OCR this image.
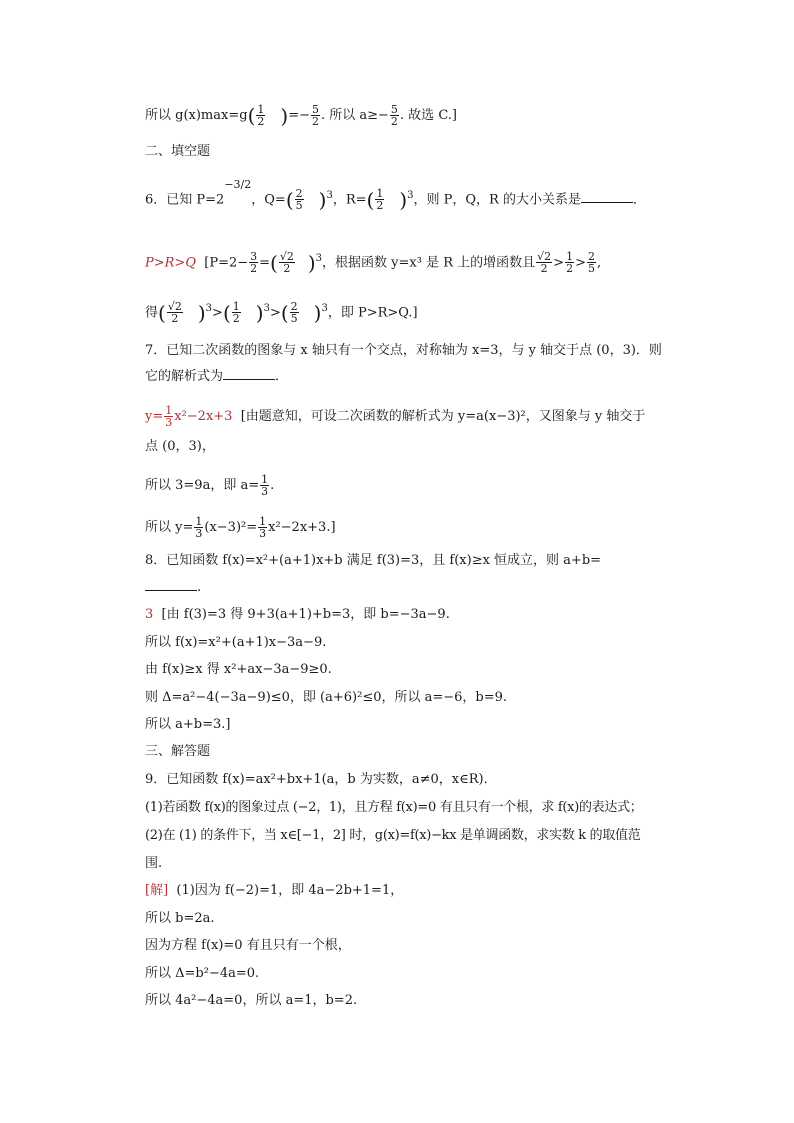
所以 $g(x)\max=g( \frac{1}{2}$ )=− $\frac{5}{2}$ . 所以 $a\ge- \frac{5}{2}$ . 故选 C.]
二、填空题
6．已知 $P=2^{-3/2}$，$Q=( \frac{2}{5} )^3$，$R=( \frac{1}{2} )^3$，则 P，Q，R 的大小关系是	．
P>R>Q [$P=2- \frac{3}{2}$ =( $\frac{√2}{2} )^3$，根据函数 y=x³ 是 R 上的增函数且 $\frac{√2}{2} > \frac{1}{2} > \frac{2}{5}$ ,
得( $\frac{√2}{2} )^3>( \frac{1}{2} )^3>( \frac{2}{5} )^3$，即 P>R>Q.]
7．已知二次函数的图象与 x 轴只有一个交点，对称轴为 x=3，与 y 轴交于点 (0，3)．则
它的解析式为	．
$y= \frac{1}{3} x^2-2x+3$ [由题意知，可设二次函数的解析式为 y=a(x−3)²，又图象与 y 轴交于
点 (0，3)，
所以 3=9a，即 $a= \frac{1}{3}$ .
所以 $y= \frac{1}{3} (x-3)^2= \frac{1}{3} x^2-2x+3$.]
8．已知函数 f(x)=x²+(a+1)x+b 满足 f(3)=3，且 f(x)≥x 恒成立，则 a+b=
.
3 [由 f(3)=3 得 9+3(a+1)+b=3，即 b=−3a−9.
所以 f(x)=x²+(a+1)x−3a−9.
由 f(x)≥x 得 x²+ax−3a−9≥0.
则 Δ=a²−4(−3a−9)≤0，即 (a+6)²≤0，所以 a=−6，b=9.
所以 a+b=3.]
三、解答题
9．已知函数 f(x)=ax²+bx+1(a，b 为实数，a≠0，x∈R)．
(1)若函数 f(x)的图象过点 (−2，1)，且方程 f(x)=0 有且只有一个根，求 f(x)的表达式；
(2)在 (1) 的条件下，当 x∈[−1，2] 时，g(x)=f(x)−kx 是单调函数，求实数 k 的取值范
围.
[解] (1)因为 f(−2)=1，即 4a−2b+1=1，
所以 b=2a.
因为方程 f(x)=0 有且只有一个根，
所以 Δ=b²−4a=0.
所以 4a²−4a=0，所以 a=1，b=2.
